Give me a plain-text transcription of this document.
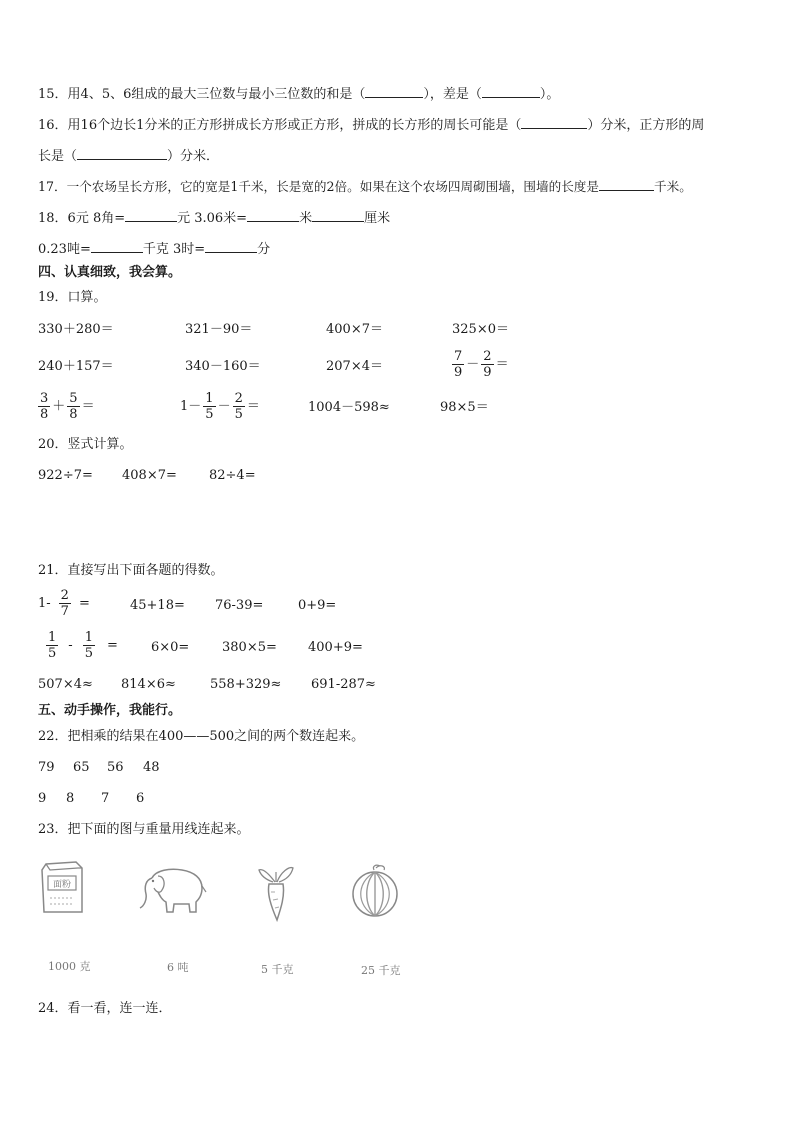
15．用4、5、6组成的最大三位数与最小三位数的和是（	），差是（	）。
16．用16个边长1分米的正方形拼成长方形或正方形，拼成的长方形的周长可能是（	）分米，正方形的周
长是（	）分米．
17．一个农场呈长方形，它的宽是1千米，长是宽的2倍。如果在这个农场四周砌围墙，围墙的长度是	千米。
18．6元 8角=	元 3.06米=	米	厘米
0.23吨=	千克 3时=	分
四、认真细致，我会算。
19．口算。
330＋280＝	321－90＝	400×7＝	325×0＝
240＋157＝	340－160＝	207×4＝	$\frac{7}{9} - \frac{2}{9}$ ＝
$\frac{3}{8} + \frac{5}{8}$ ＝	$1- \frac{1}{5} - \frac{2}{5}$ ＝	1004－598≈	98×5＝
20．竖式计算。
922÷7= 408×7= 82÷4=
21．直接写出下面各题的得数。
$1- \frac{2}{7}$ =	45+18= 76-39=	0+9=
$\frac{1}{5} - \frac{1}{5}$ =	6×0=	380×5= 400+9=
507×4≈ 814×6≈	558+329≈ 691-287≈
五、动手操作，我能行。
22．把相乘的结果在400——500之间的两个数连起来。
79 65 56 48
9 8 7 6
23．把下面的图与重量用线连起来。
面粉
1000 克	6 吨	5 千克	25 千克
24．看一看，连一连．
